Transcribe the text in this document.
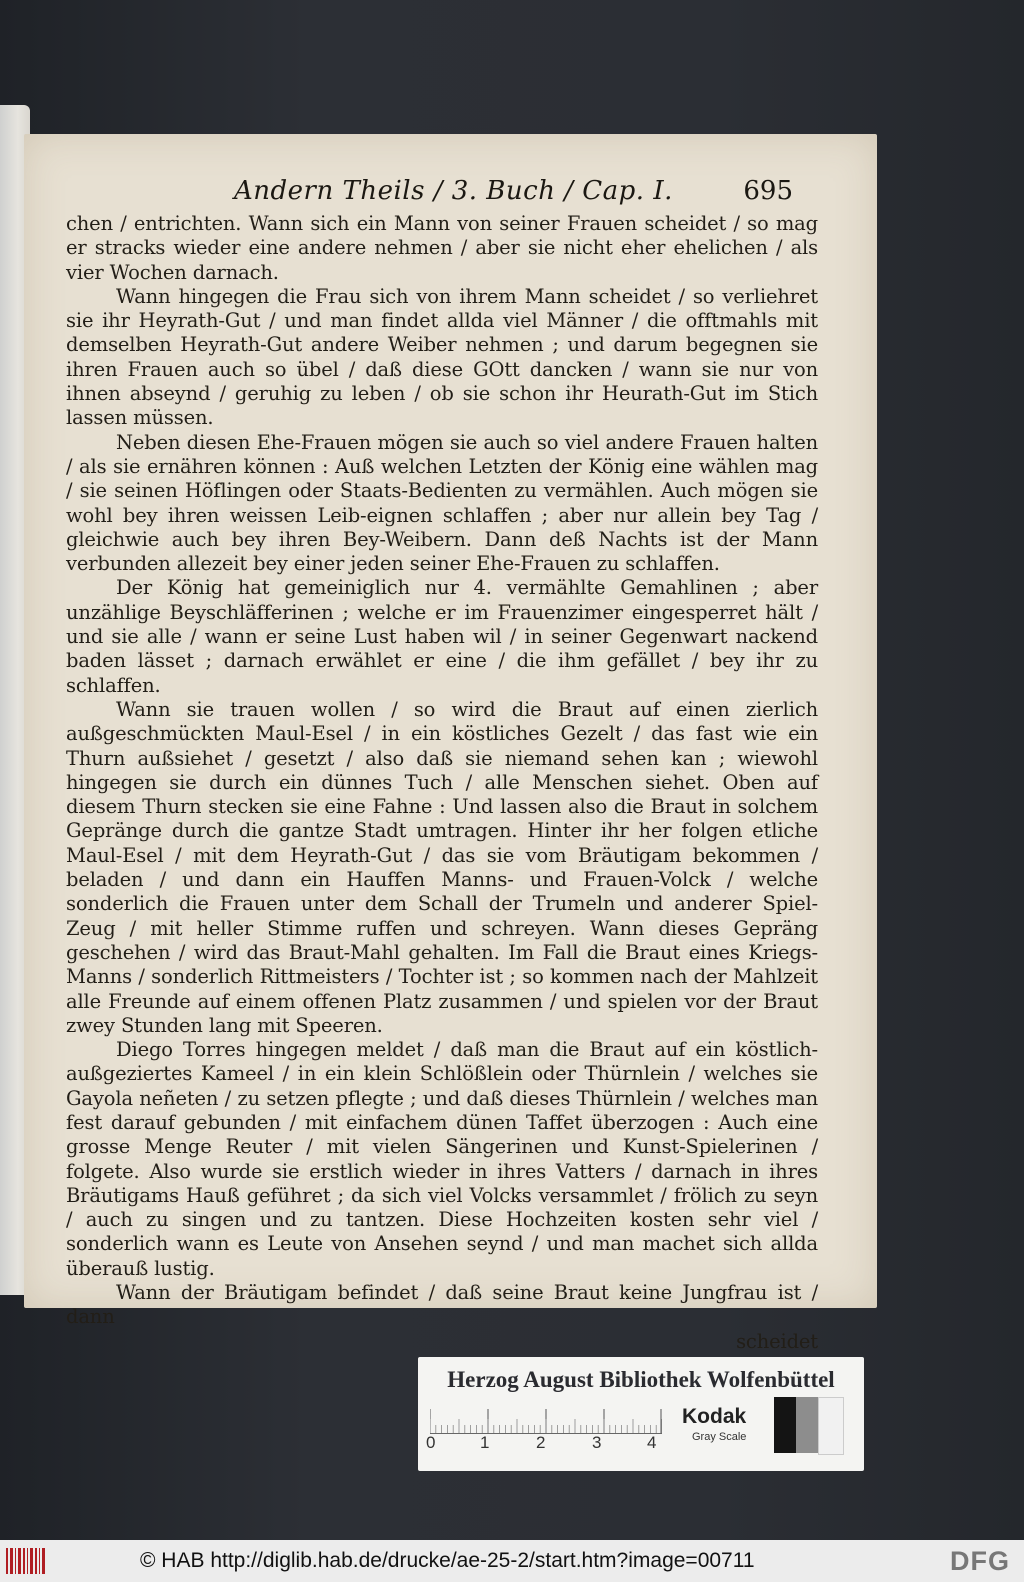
Andern Theils / 3. Buch / Cap. I.	695

chen / entrichten. Wann sich ein Mann von seiner Frauen scheidet / so mag er stracks wieder eine andere nehmen / aber sie nicht eher ehelichen / als vier Wochen darnach.

Wann hingegen die Frau sich von ihrem Mann scheidet / so verliehret sie ihr Heyrath-Gut / und man findet allda viel Männer / die offtmahls mit demselben Heyrath-Gut andere Weiber nehmen ; und darum begegnen sie ihren Frauen auch so übel / daß diese GOtt dancken / wann sie nur von ihnen abseynd / geruhig zu leben / ob sie schon ihr Heurath-Gut im Stich lassen müssen.

Neben diesen Ehe-Frauen mögen sie auch so viel andere Frauen halten / als sie ernähren können : Auß welchen Letzten der König eine wählen mag / sie seinen Höflingen oder Staats-Bedienten zu vermählen. Auch mögen sie wohl bey ihren weissen Leib-eignen schlaffen ; aber nur allein bey Tag / gleichwie auch bey ihren Bey-Weibern. Dann deß Nachts ist der Mann verbunden allezeit bey einer jeden seiner Ehe-Frauen zu schlaffen.

Der König hat gemeiniglich nur 4. vermählte Gemahlinen ; aber unzählige Beyschläfferinen ; welche er im Frauenzimer eingesperret hält / und sie alle / wann er seine Lust haben wil / in seiner Gegenwart nackend baden lässet ; darnach erwählet er eine / die ihm gefället / bey ihr zu schlaffen.

Wann sie trauen wollen / so wird die Braut auf einen zierlich außgeschmückten Maul-Esel / in ein köstliches Gezelt / das fast wie ein Thurn außsiehet / gesetzt / also daß sie niemand sehen kan ; wiewohl hingegen sie durch ein dünnes Tuch / alle Menschen siehet. Oben auf diesem Thurn stecken sie eine Fahne : Und lassen also die Braut in solchem Gepränge durch die gantze Stadt umtragen. Hinter ihr her folgen etliche Maul-Esel / mit dem Heyrath-Gut / das sie vom Bräutigam bekommen / beladen / und dann ein Hauffen Manns- und Frauen-Volck / welche sonderlich die Frauen unter dem Schall der Trumeln und anderer Spiel-Zeug / mit heller Stimme ruffen und schreyen. Wann dieses Gepräng geschehen / wird das Braut-Mahl gehalten. Im Fall die Braut eines Kriegs-Manns / sonderlich Rittmeisters / Tochter ist ; so kommen nach der Mahlzeit alle Freunde auf einem offenen Platz zusammen / und spielen vor der Braut zwey Stunden lang mit Speeren.

Diego Torres hingegen meldet / daß man die Braut auf ein köstlich-außgeziertes Kameel / in ein klein Schlößlein oder Thürnlein / welches sie Gayola neñeten / zu setzen pflegte ; und daß dieses Thürnlein / welches man fest darauf gebunden / mit einfachem dünen Taffet überzogen : Auch eine grosse Menge Reuter / mit vielen Sängerinen und Kunst-Spielerinen / folgete. Also wurde sie erstlich wieder in ihres Vatters / darnach in ihres Bräutigams Hauß geführet ; da sich viel Volcks versammlet / frölich zu seyn / auch zu singen und zu tantzen. Diese Hochzeiten kosten sehr viel / sonderlich wann es Leute von Ansehen seynd / und man machet sich allda überauß lustig.

Wann der Bräutigam befindet / daß seine Braut keine Jungfrau ist / dann

scheidet

Herzog August Bibliothek Wolfenbüttel
0	1	2	3	4
Kodak
Gray Scale
© HAB http://diglib.hab.de/drucke/ae-25-2/start.htm?image=00711	DFG
